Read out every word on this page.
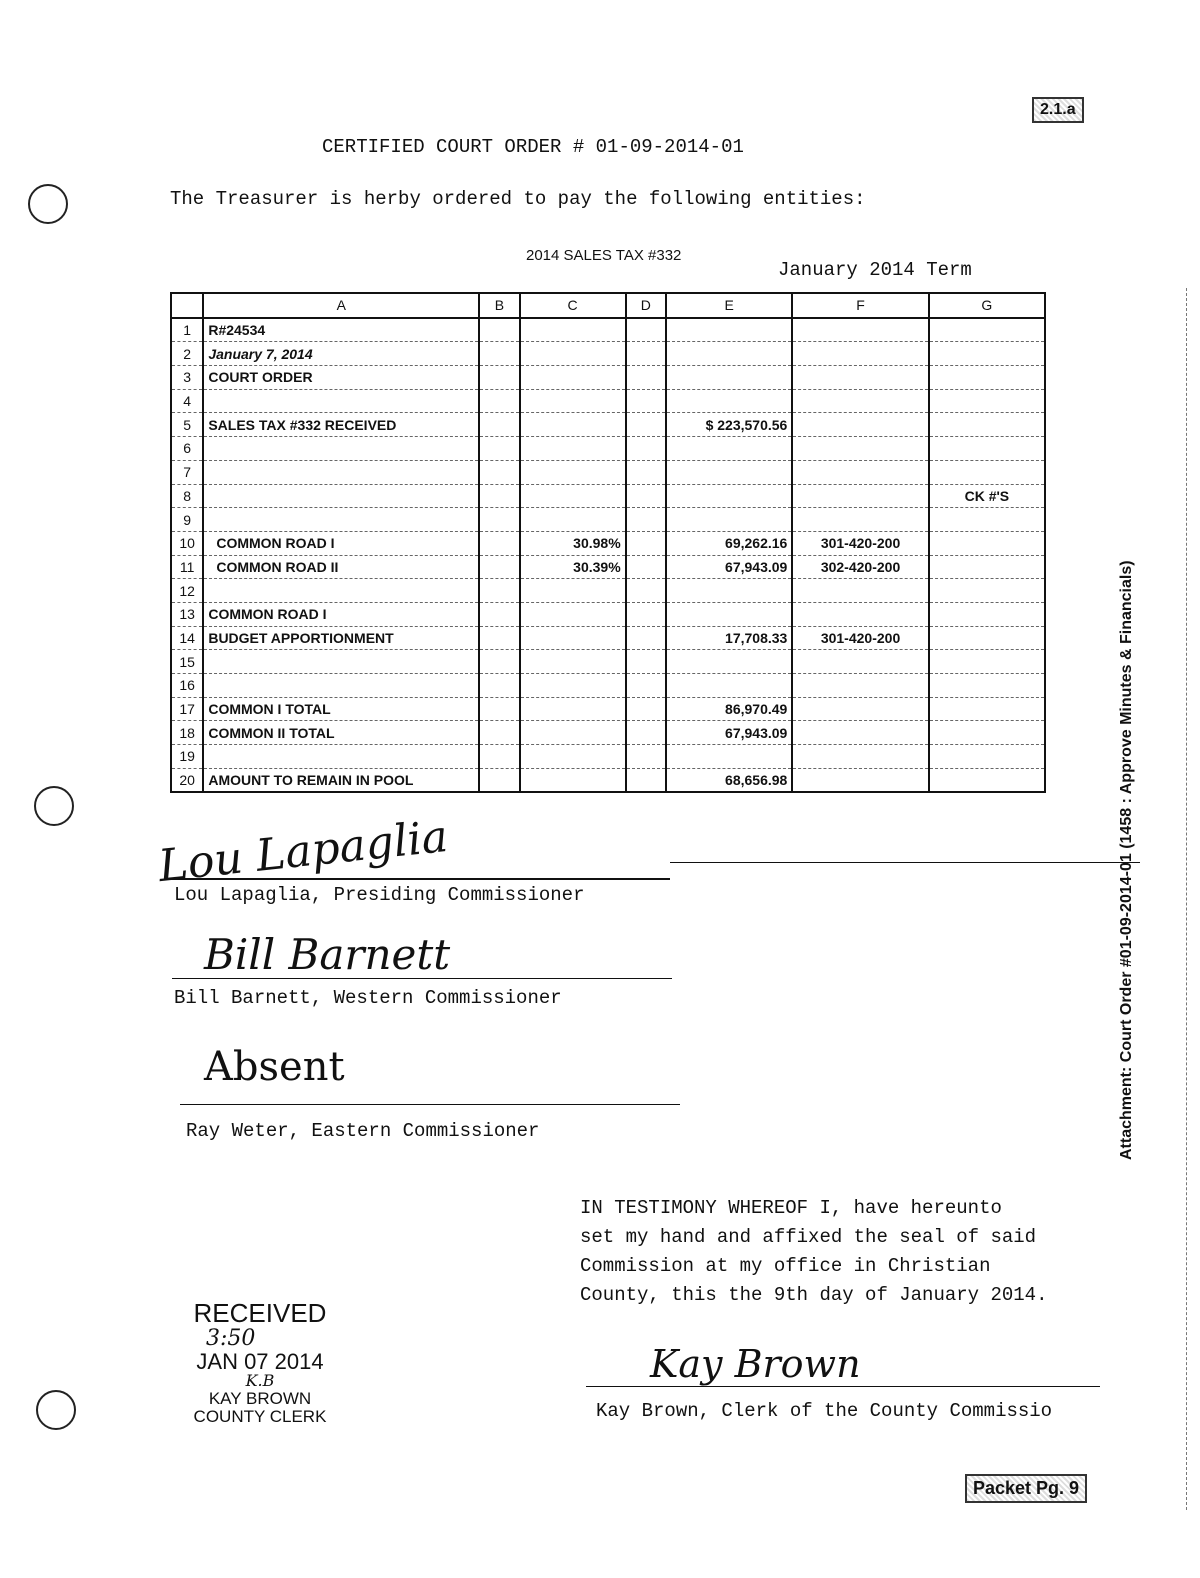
2.1.a
CERTIFIED COURT ORDER # 01-09-2014-01
The Treasurer is herby ordered to pay the following entities:
2014 SALES TAX #332
January 2014 Term
	A	B	C	D	E	F	G
1	R#24534						
2	January 7, 2014						
3	COURT ORDER						
4							
5	SALES TAX #332 RECEIVED				$ 223,570.56		
6							
7							
8							CK #'S
9							
10	COMMON ROAD I		30.98%		69,262.16	301-420-200	
11	COMMON ROAD II		30.39%		67,943.09	302-420-200	
12							
13	COMMON ROAD I						
14	BUDGET APPORTIONMENT				17,708.33	301-420-200	
15							
16							
17	COMMON I TOTAL				86,970.49		
18	COMMON II TOTAL				67,943.09		
19							
20	AMOUNT TO REMAIN IN POOL				68,656.98		
Lou Lapaglia
Lou Lapaglia, Presiding Commissioner
Bill Barnett
Bill Barnett, Western Commissioner
Absent
Ray Weter, Eastern Commissioner
IN TESTIMONY WHEREOF I, have hereunto
set my hand and affixed the seal of said
Commission at my office in Christian
County, this the 9th day of January 2014.
Kay Brown
Kay Brown, Clerk of the County Commissio
RECEIVED
3:50
JAN 07 2014
K.B
KAY BROWN
COUNTY CLERK
Packet Pg. 9
Attachment: Court Order #01-09-2014-01 (1458 : Approve Minutes & Financials)
